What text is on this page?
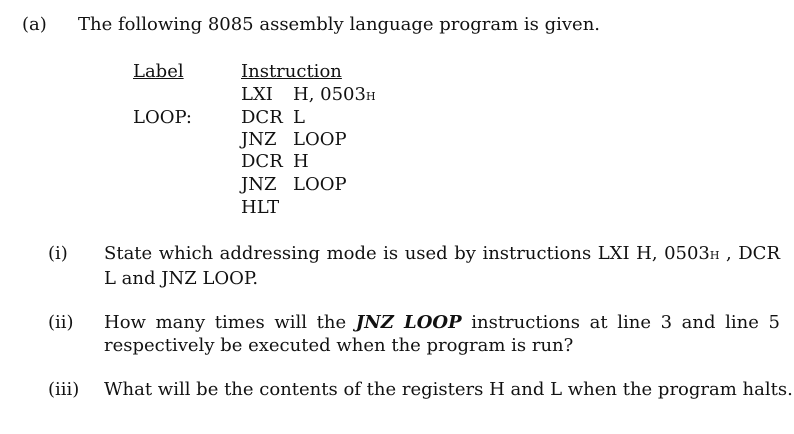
(a) The following 8085 assembly language program is given.
Label	Instruction
LOOP:
LXI H, 0503H
DCR L
JNZ LOOP
DCR H
JNZ LOOP
HLT
(i) State which addressing mode is used by instructions LXI H, 0503H , DCR L and JNZ LOOP.
(ii) How many times will the JNZ LOOP instructions at line 3 and line 5 respectively be executed when the program is run?
(iii) What will be the contents of the registers H and L when the program halts.
